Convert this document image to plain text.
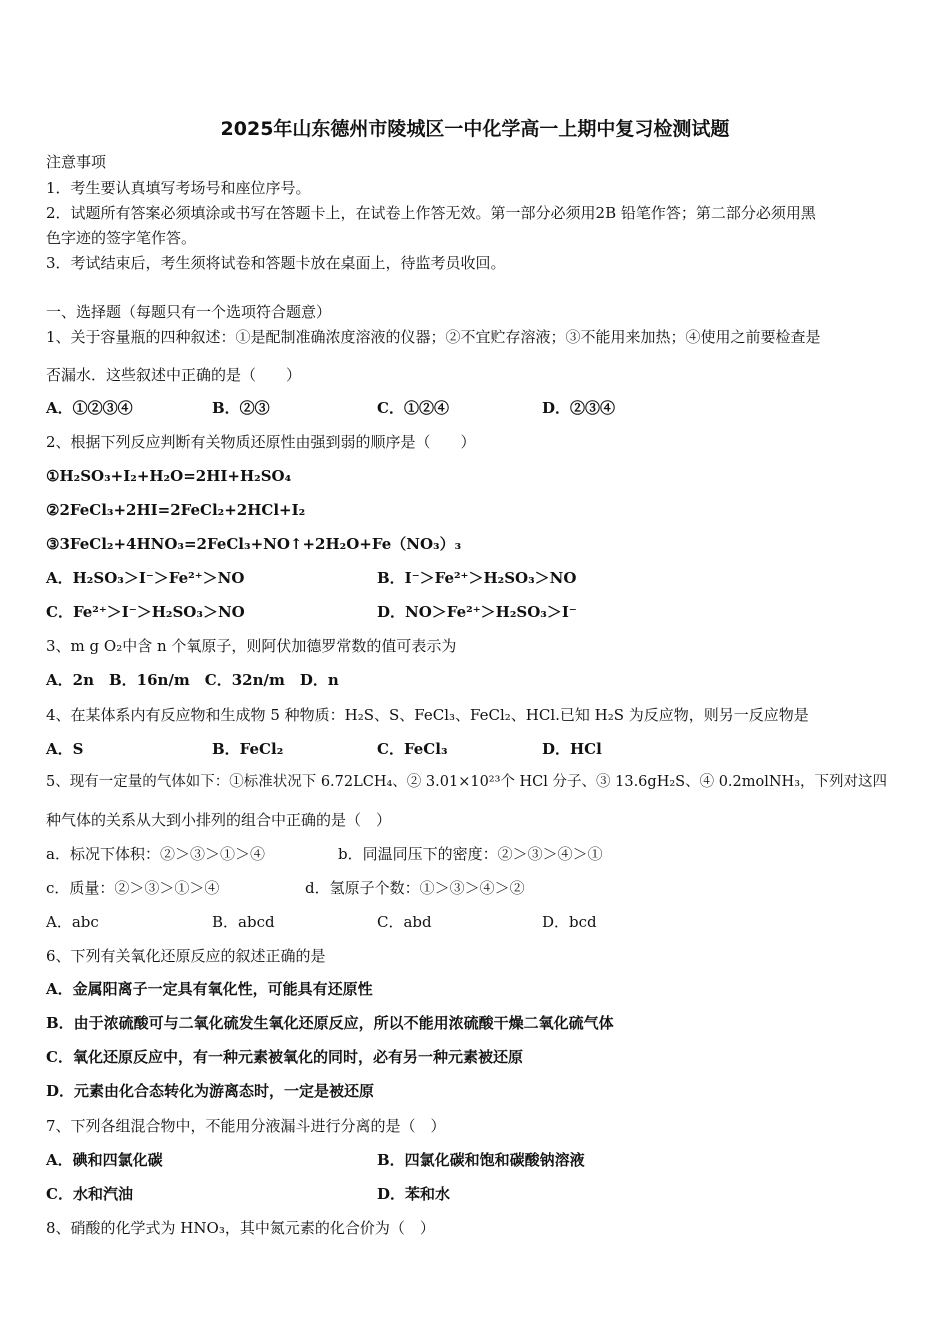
2025年山东德州市陵城区一中化学高一上期中复习检测试题
注意事项
1．考生要认真填写考场号和座位序号。
2．试题所有答案必须填涂或书写在答题卡上，在试卷上作答无效。第一部分必须用2B 铅笔作答；第二部分必须用黑
色字迹的签字笔作答。
3．考试结束后，考生须将试卷和答题卡放在桌面上，待监考员收回。
一、选择题（每题只有一个选项符合题意）
1、关于容量瓶的四种叙述：①是配制准确浓度溶液的仪器；②不宜贮存溶液；③不能用来加热；④使用之前要检查是
否漏水．这些叙述中正确的是（　　）
A．①②③④	B．②③	C．①②④	D．②③④
2、根据下列反应判断有关物质还原性由强到弱的顺序是（　　）
①H₂SO₃+I₂+H₂O=2HI+H₂SO₄
②2FeCl₃+2HI=2FeCl₂+2HCl+I₂
③3FeCl₂+4HNO₃=2FeCl₃+NO↑+2H₂O+Fe（NO₃）₃
A．H₂SO₃＞I⁻＞Fe²⁺＞NO	B．I⁻＞Fe²⁺＞H₂SO₃＞NO
C．Fe²⁺＞I⁻＞H₂SO₃＞NO	D．NO＞Fe²⁺＞H₂SO₃＞I⁻
3、m g O₂中含 n 个氧原子，则阿伏加德罗常数的值可表示为
A．2n　B．16n/m　C．32n/m　D．n
4、在某体系内有反应物和生成物 5 种物质：H₂S、S、FeCl₃、FeCl₂、HCl.已知 H₂S 为反应物，则另一反应物是
A．S	B．FeCl₂	C．FeCl₃	D．HCl
5、现有一定量的气体如下：①标准状况下 6.72LCH₄、② 3.01×10²³个 HCl 分子、③ 13.6gH₂S、④ 0.2molNH₃，下列对这四
种气体的关系从大到小排列的组合中正确的是（　）
a．标况下体积：②＞③＞①＞④	b．同温同压下的密度：②＞③＞④＞①
c．质量：②＞③＞①＞④	d．氢原子个数：①＞③＞④＞②
A．abc	B．abcd	C．abd	D．bcd
6、下列有关氧化还原反应的叙述正确的是
A．金属阳离子一定具有氧化性，可能具有还原性
B．由于浓硫酸可与二氧化硫发生氧化还原反应，所以不能用浓硫酸干燥二氧化硫气体
C．氧化还原反应中，有一种元素被氧化的同时，必有另一种元素被还原
D．元素由化合态转化为游离态时，一定是被还原
7、下列各组混合物中，不能用分液漏斗进行分离的是（　）
A．碘和四氯化碳	B．四氯化碳和饱和碳酸钠溶液
C．水和汽油	D．苯和水
8、硝酸的化学式为 HNO₃，其中氮元素的化合价为（　）
